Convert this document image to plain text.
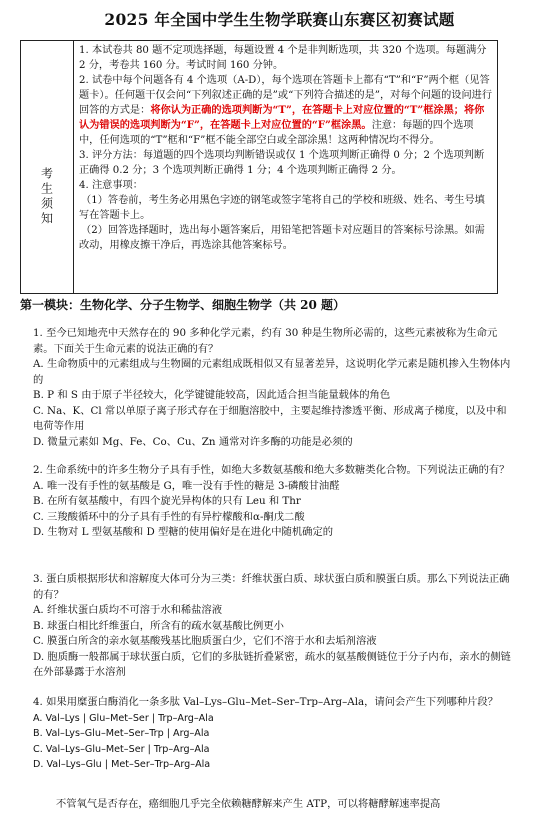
2025 年全国中学生生物学联赛山东赛区初赛试题
考生须知

1. 本试卷共 80 题不定项选择题，每题设置 4 个是非判断选项，共 320 个选项。每题满分 2 分，考卷共 160 分。考试时间 160 分钟。

2. 试卷中每个问题各有 4 个选项（A-D），每个选项在答题卡上都有“T”和“F”两个框（见答题卡）。任何题干仅会问“下列叙述正确的是”或“下列符合描述的是”，对每个问题的设问进行回答的方式是：将你认为正确的选项判断为“T”，在答题卡上对应位置的“T”框涂黑；将你认为错误的选项判断为“F”，在答题卡上对应位置的“F”框涂黑。注意：每题的四个选项中，任何选项的“T”框和“F”框不能全部空白或全部涂黑！这两种情况均不得分。

3. 评分方法：每道题的四个选项均判断错误或仅 1 个选项判断正确得 0 分；2 个选项判断正确得 0.2 分；3 个选项判断正确得 1 分；4 个选项判断正确得 2 分。

4. 注意事项：

（1）答卷前，考生务必用黑色字迹的钢笔或签字笔将自己的学校和班级、姓名、考生号填写在答题卡上。

（2）回答选择题时，选出每小题答案后，用铅笔把答题卡对应题目的答案标号涂黑。如需改动，用橡皮擦干净后，再选涂其他答案标号。

第一模块：生物化学、分子生物学、细胞生物学（共 20 题）

1. 至今已知地壳中天然存在的 90 多种化学元素，约有 30 种是生物所必需的，这些元素被称为生命元素。下面关于生命元素的说法正确的有？

A. 生命物质中的元素组成与生物圈的元素组成既相似又有显著差异，这说明化学元素是随机掺入生物体内的

B. P 和 S 由于原子半径较大，化学键键能较高，因此适合担当能量载体的角色

C. Na、K、Cl 常以单原子离子形式存在于细胞溶胶中，主要起维持渗透平衡、形成离子梯度，以及中和电荷等作用

D. 微量元素如 Mg、Fe、Co、Cu、Zn 通常对许多酶的功能是必须的

2. 生命系统中的许多生物分子具有手性，如绝大多数氨基酸和绝大多数糖类化合物。下列说法正确的有？

A. 唯一没有手性的氨基酸是 G，唯一没有手性的糖是 3-磷酸甘油醛

B. 在所有氨基酸中，有四个旋光异构体的只有 Leu 和 Thr

C. 三羧酸循环中的分子具有手性的有异柠檬酸和α-酮戊二酸

D. 生物对 L 型氨基酸和 D 型糖的使用偏好是在进化中随机确定的

3. 蛋白质根据形状和溶解度大体可分为三类：纤维状蛋白质、球状蛋白质和膜蛋白质。那么下列说法正确的有？

A. 纤维状蛋白质均不可溶于水和稀盐溶液

B. 球蛋白相比纤维蛋白，所含有的疏水氨基酸比例更小

C. 膜蛋白所含的亲水氨基酸残基比胞质蛋白少，它们不溶于水和去垢剂溶液

D. 胞质酶一般都属于球状蛋白质，它们的多肽链折叠紧密，疏水的氨基酸侧链位于分子内布，亲水的侧链在外部暴露于水溶剂

4. 如果用糜蛋白酶消化一条多肽 Val–Lys–Glu–Met–Ser–Trp–Arg–Ala，请问会产生下列哪种片段？

A. Val–Lys | Glu–Met–Ser | Trp–Arg–Ala

B. Val–Lys–Glu–Met–Ser–Trp | Arg–Ala

C. Val–Lys–Glu–Met–Ser | Trp–Arg–Ala

D. Val–Lys–Glu | Met–Ser–Trp–Arg–Ala

不管氧气是否存在，癌细胞几乎完全依赖糖酵解来产生 ATP，可以将糖酵解速率提高
